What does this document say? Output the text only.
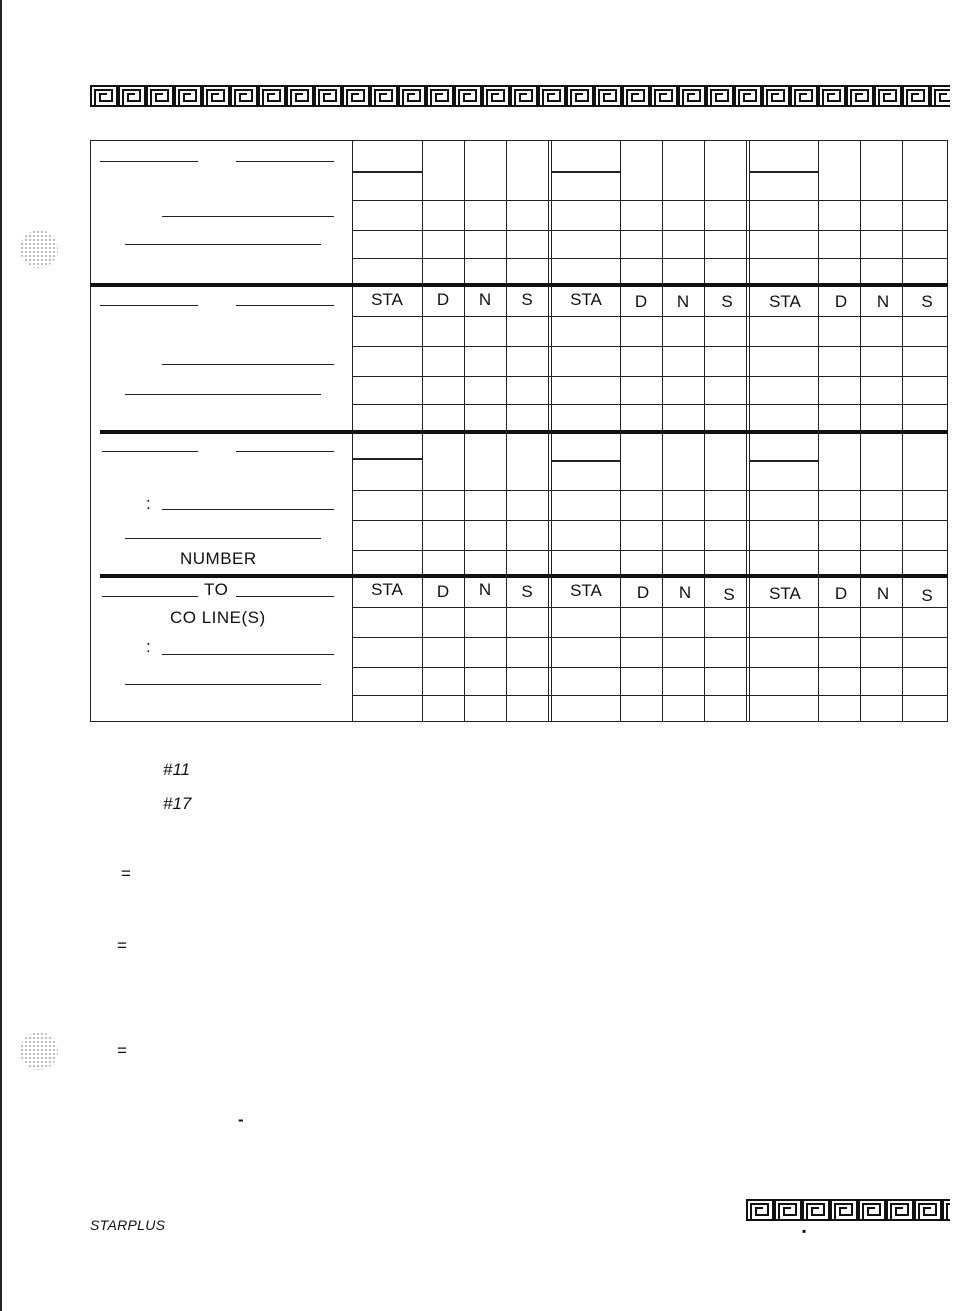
STA	D	N	S	STA	D	N	S	STA	D	N	S
STA	D	N	S	STA	D	N	S	STA	D	N	S
:
NUMBER
TO
CO LINE(S)
:
#11
#17
=
=
=
-
STARPLUS	▪
